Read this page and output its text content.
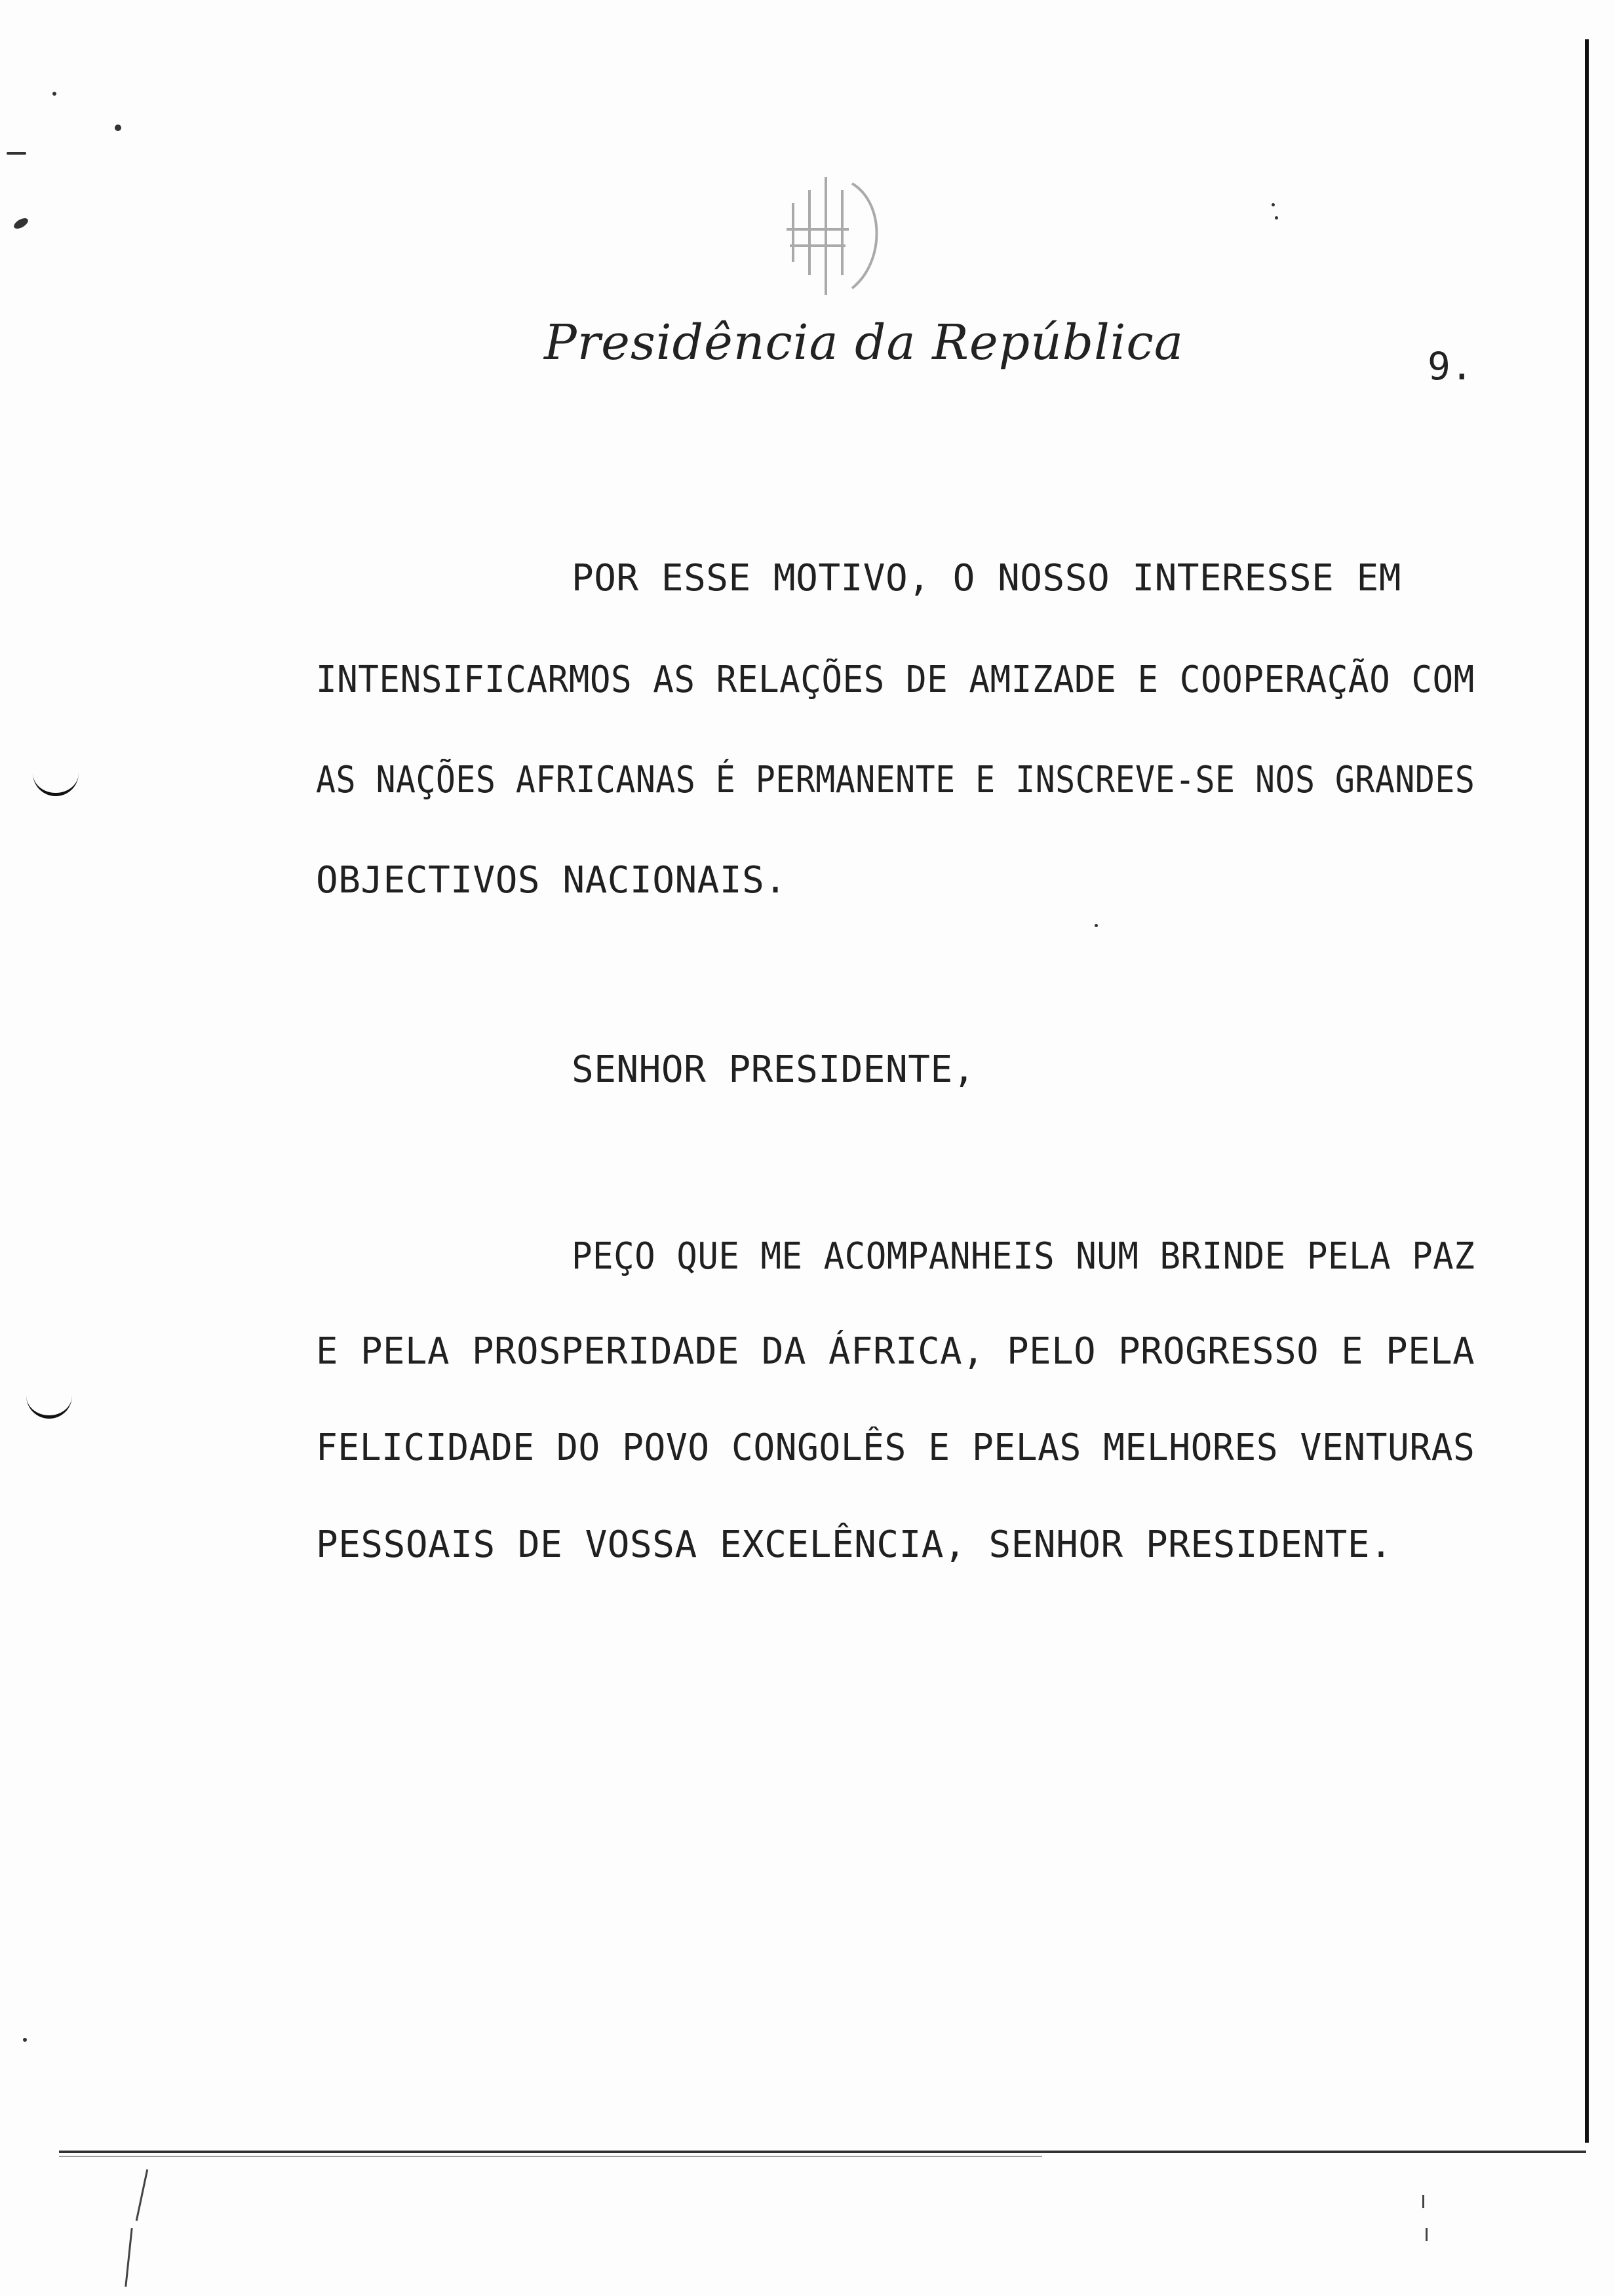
Presidência da República	9.
POR ESSE MOTIVO, O NOSSO INTERESSE EM
INTENSIFICARMOS AS RELAÇÕES DE AMIZADE E COOPERAÇÃO COM
AS NAÇÕES AFRICANAS É PERMANENTE E INSCREVE-SE NOS GRANDES
OBJECTIVOS NACIONAIS.
SENHOR PRESIDENTE,
PEÇO QUE ME ACOMPANHEIS NUM BRINDE PELA PAZ
E PELA PROSPERIDADE DA ÁFRICA, PELO PROGRESSO E PELA
FELICIDADE DO POVO CONGOLÊS E PELAS MELHORES VENTURAS
PESSOAIS DE VOSSA EXCELÊNCIA, SENHOR PRESIDENTE.
